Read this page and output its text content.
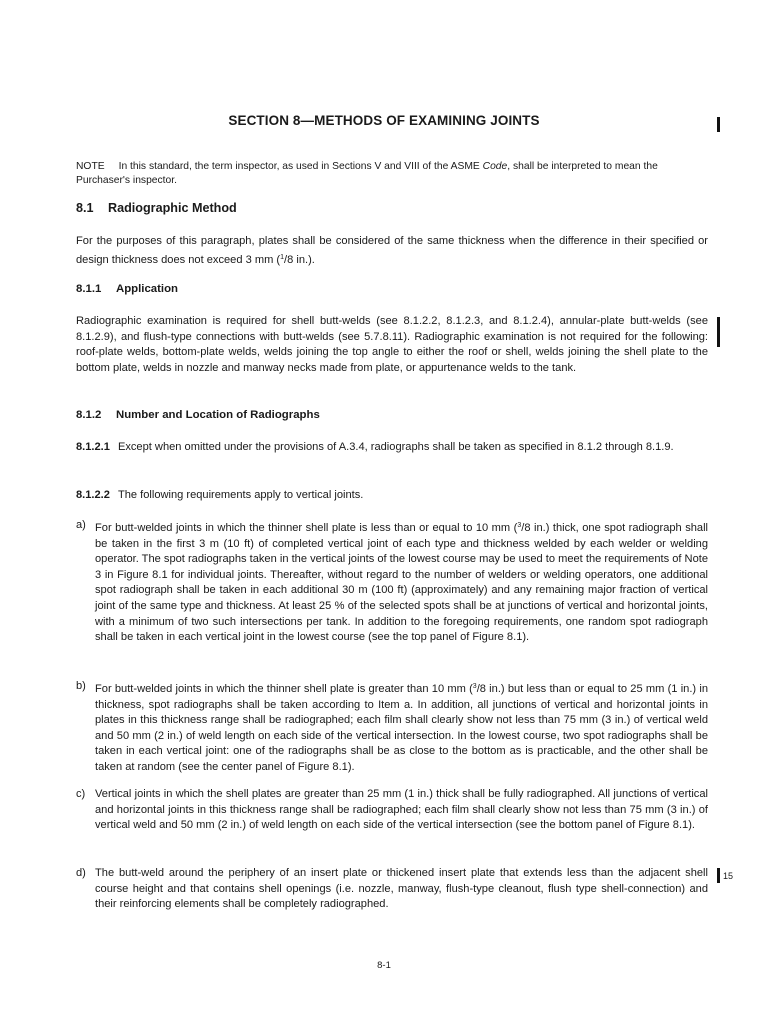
SECTION 8—METHODS OF EXAMINING JOINTS
NOTE In this standard, the term inspector, as used in Sections V and VIII of the ASME Code, shall be interpreted to mean the Purchaser's inspector.
8.1 Radiographic Method
For the purposes of this paragraph, plates shall be considered of the same thickness when the difference in their specified or design thickness does not exceed 3 mm ($^1$/8 in.).
8.1.1 Application
Radiographic examination is required for shell butt-welds (see 8.1.2.2, 8.1.2.3, and 8.1.2.4), annular-plate butt-welds (see 8.1.2.9), and flush-type connections with butt-welds (see 5.7.8.11). Radiographic examination is not required for the following: roof-plate welds, bottom-plate welds, welds joining the top angle to either the roof or shell, welds joining the shell plate to the bottom plate, welds in nozzle and manway necks made from plate, or appurtenance welds to the tank.
8.1.2 Number and Location of Radiographs
8.1.2.1 Except when omitted under the provisions of A.3.4, radiographs shall be taken as specified in 8.1.2 through 8.1.9.
8.1.2.2 The following requirements apply to vertical joints.
a) For butt-welded joints in which the thinner shell plate is less than or equal to 10 mm ($^3$/8 in.) thick, one spot radiograph shall be taken in the first 3 m (10 ft) of completed vertical joint of each type and thickness welded by each welder or welding operator. The spot radiographs taken in the vertical joints of the lowest course may be used to meet the requirements of Note 3 in Figure 8.1 for individual joints. Thereafter, without regard to the number of welders or welding operators, one additional spot radiograph shall be taken in each additional 30 m (100 ft) (approximately) and any remaining major fraction of vertical joint of the same type and thickness. At least 25 % of the selected spots shall be at junctions of vertical and horizontal joints, with a minimum of two such intersections per tank. In addition to the foregoing requirements, one random spot radiograph shall be taken in each vertical joint in the lowest course (see the top panel of Figure 8.1).
b) For butt-welded joints in which the thinner shell plate is greater than 10 mm ($^3$/8 in.) but less than or equal to 25 mm (1 in.) in thickness, spot radiographs shall be taken according to Item a. In addition, all junctions of vertical and horizontal joints in plates in this thickness range shall be radiographed; each film shall clearly show not less than 75 mm (3 in.) of vertical weld and 50 mm (2 in.) of weld length on each side of the vertical intersection. In the lowest course, two spot radiographs shall be taken in each vertical joint: one of the radiographs shall be as close to the bottom as is practicable, and the other shall be taken at random (see the center panel of Figure 8.1).
c) Vertical joints in which the shell plates are greater than 25 mm (1 in.) thick shall be fully radiographed. All junctions of vertical and horizontal joints in this thickness range shall be radiographed; each film shall clearly show not less than 75 mm (3 in.) of vertical weld and 50 mm (2 in.) of weld length on each side of the vertical intersection (see the bottom panel of Figure 8.1).
d) The butt-weld around the periphery of an insert plate or thickened insert plate that extends less than the adjacent shell course height and that contains shell openings (i.e. nozzle, manway, flush-type cleanout, flush type shell-connection) and their reinforcing elements shall be completely radiographed.
15
8-1
